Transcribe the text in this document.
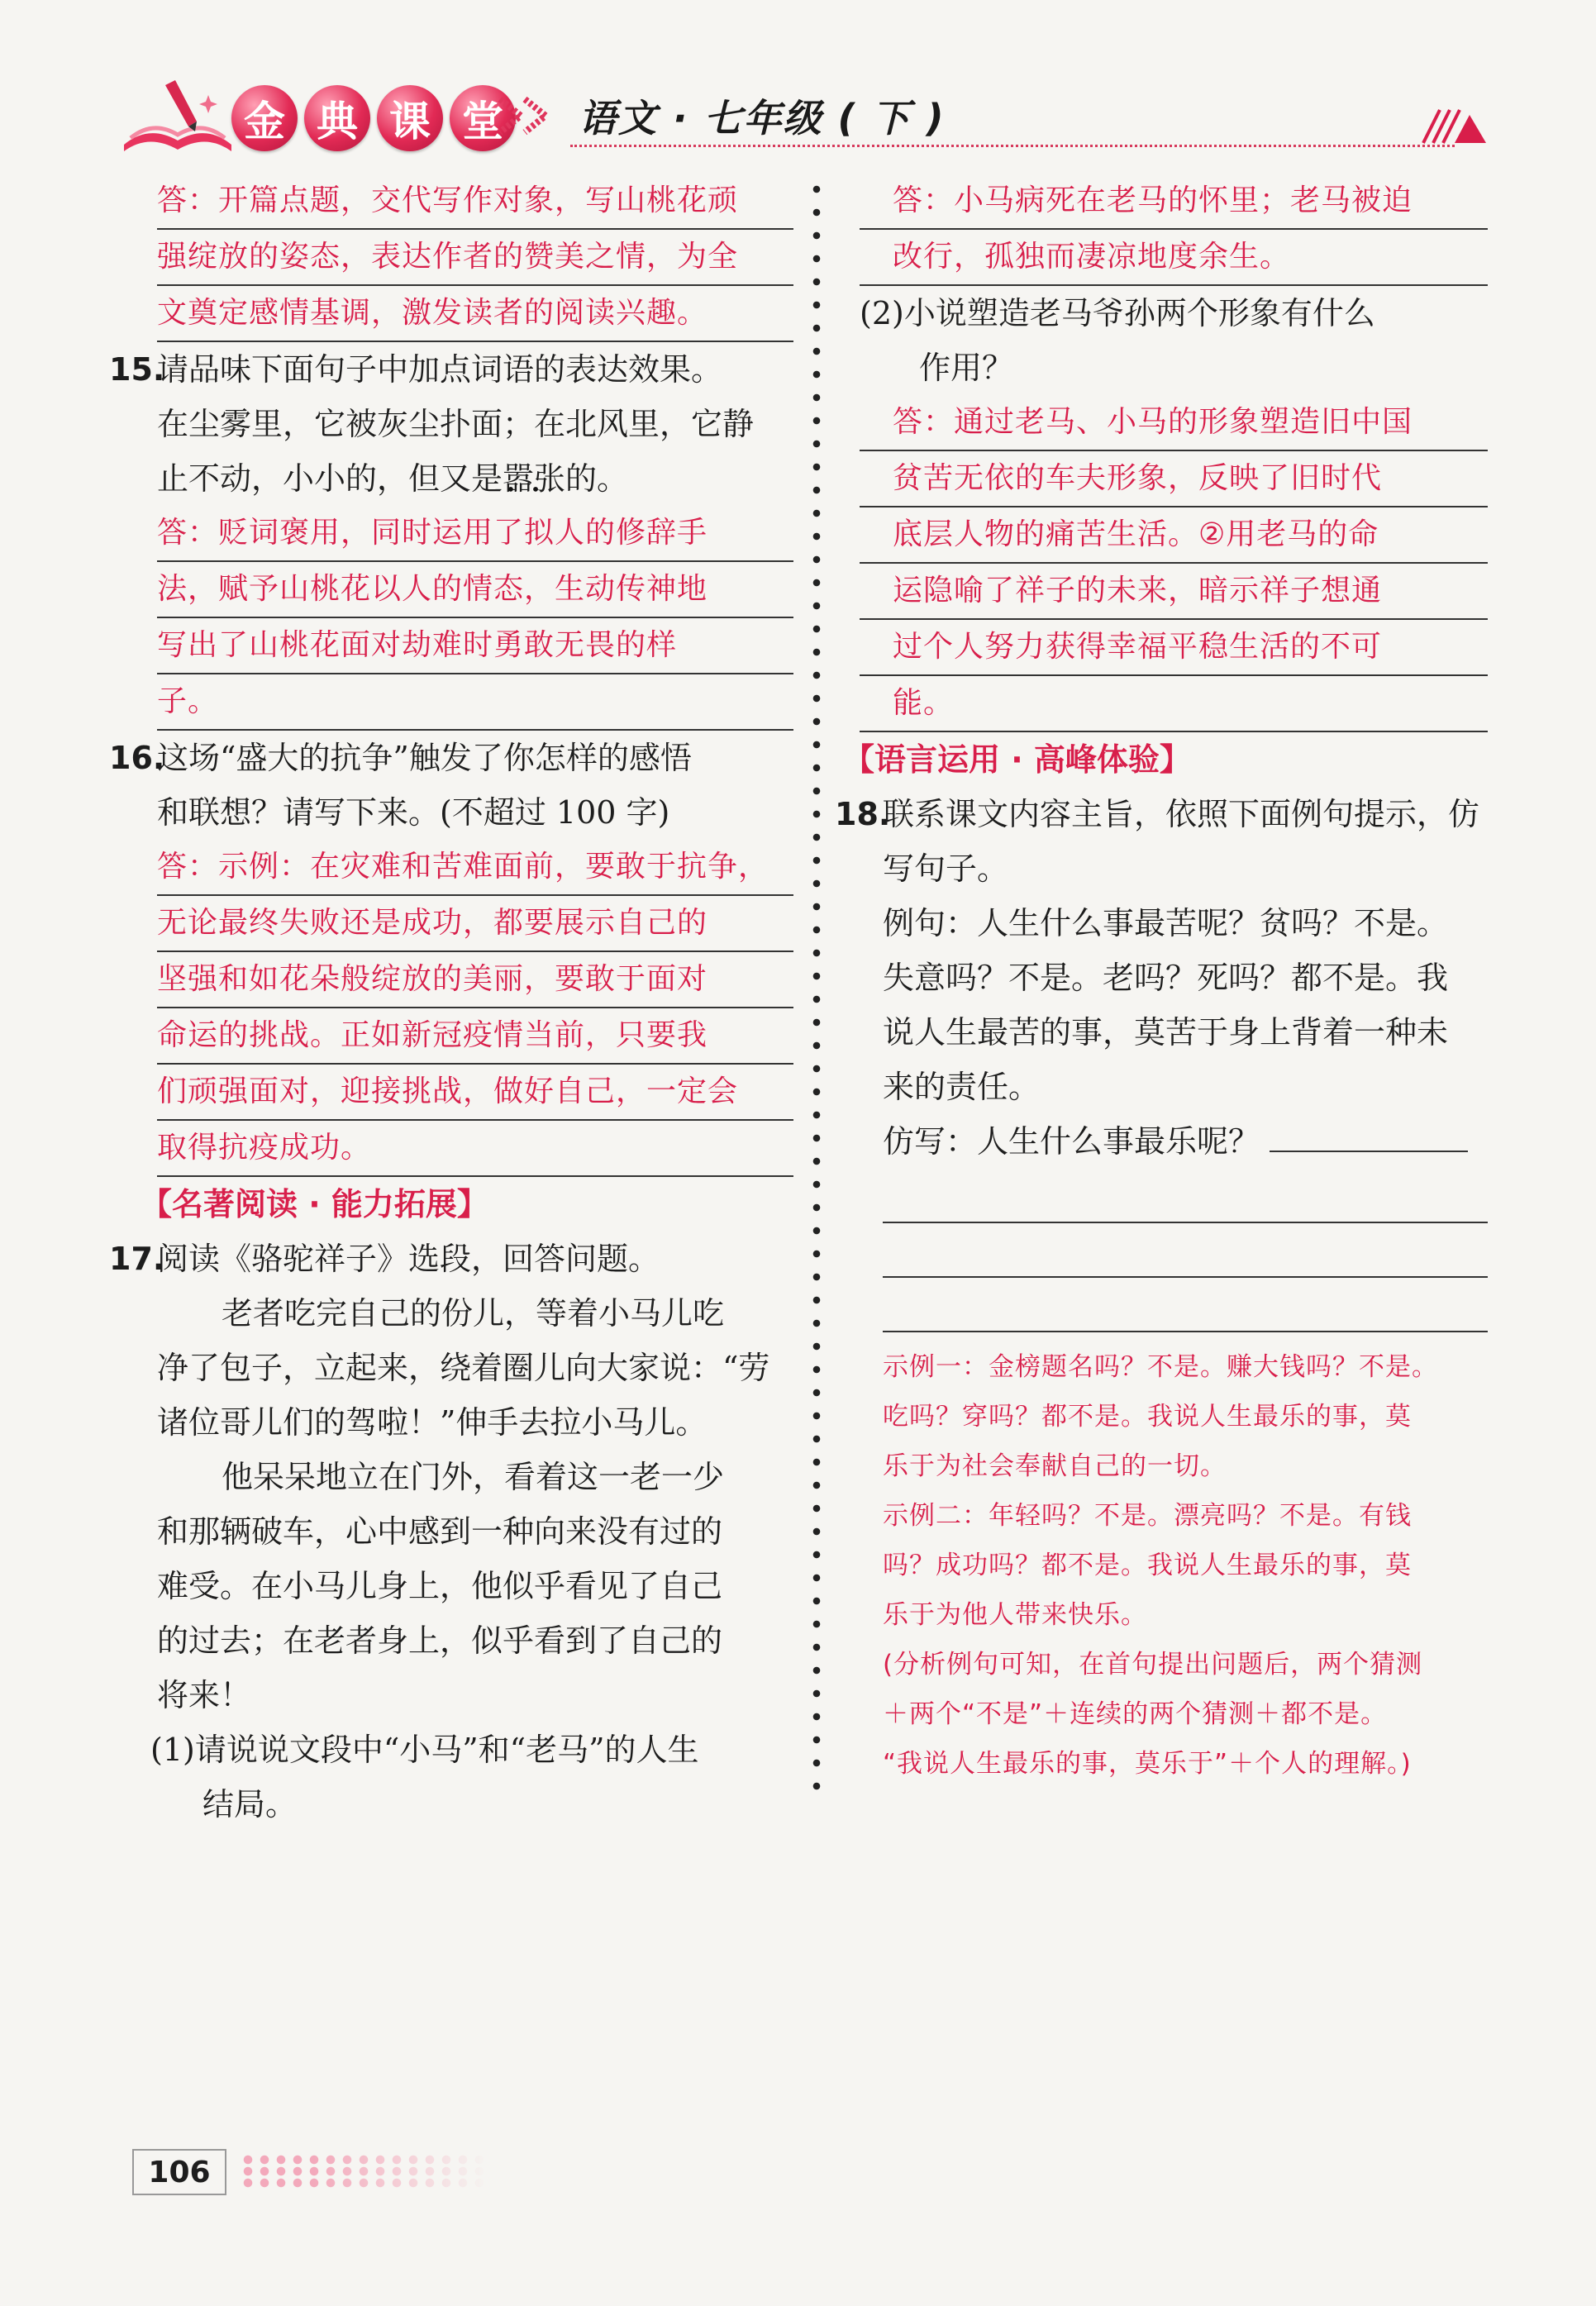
金 典 课 堂	语文 · 七年级 ( 下 )
答：开篇点题，交代写作对象，写山桃花顽
强绽放的姿态，表达作者的赞美之情，为全
文奠定感情基调，激发读者的阅读兴趣。
15.请品味下面句子中加点词语的表达效果。
在尘雾里，它被灰尘扑面；在北风里，它静
止不动，小小的，但又是嚣张 • •的。
答：贬词褒用，同时运用了拟人的修辞手
法，赋予山桃花以人的情态，生动传神地
写出了山桃花面对劫难时勇敢无畏的样
子。
16.这场“盛大的抗争”触发了你怎样的感悟
和联想？请写下来。(不超过 100 字)
答：示例：在灾难和苦难面前，要敢于抗争，
无论最终失败还是成功，都要展示自己的
坚强和如花朵般绽放的美丽，要敢于面对
命运的挑战。正如新冠疫情当前，只要我
们顽强面对，迎接挑战，做好自己，一定会
取得抗疫成功。
【名著阅读 · 能力拓展】
17.阅读《骆驼祥子》选段，回答问题。
老者吃完自己的份儿，等着小马儿吃
净了包子，立起来，绕着圈儿向大家说：“劳
诸位哥儿们的驾啦！”伸手去拉小马儿。
他呆呆地立在门外，看着这一老一少
和那辆破车，心中感到一种向来没有过的
难受。在小马儿身上，他似乎看见了自己
的过去；在老者身上，似乎看到了自己的
将来！
(1)请说说文段中“小马”和“老马”的人生
结局。
答：小马病死在老马的怀里；老马被迫
改行，孤独而凄凉地度余生。
(2)小说塑造老马爷孙两个形象有什么
作用？
答：通过老马、小马的形象塑造旧中国
贫苦无依的车夫形象，反映了旧时代
底层人物的痛苦生活。②用老马的命
运隐喻了祥子的未来，暗示祥子想通
过个人努力获得幸福平稳生活的不可
能。
【语言运用 · 高峰体验】
18.联系课文内容主旨，依照下面例句提示，仿
写句子。
例句：人生什么事最苦呢？贫吗？不是。
失意吗？不是。老吗？死吗？都不是。我
说人生最苦的事，莫苦于身上背着一种未
来的责任。
仿写：人生什么事最乐呢？
示例一：金榜题名吗？不是。赚大钱吗？不是。
吃吗？穿吗？都不是。我说人生最乐的事，莫
乐于为社会奉献自己的一切。
示例二：年轻吗？不是。漂亮吗？不是。有钱
吗？成功吗？都不是。我说人生最乐的事，莫
乐于为他人带来快乐。
(分析例句可知，在首句提出问题后，两个猜测
＋两个“不是”＋连续的两个猜测＋都不是。
“我说人生最乐的事，莫乐于”＋个人的理解。)
106
